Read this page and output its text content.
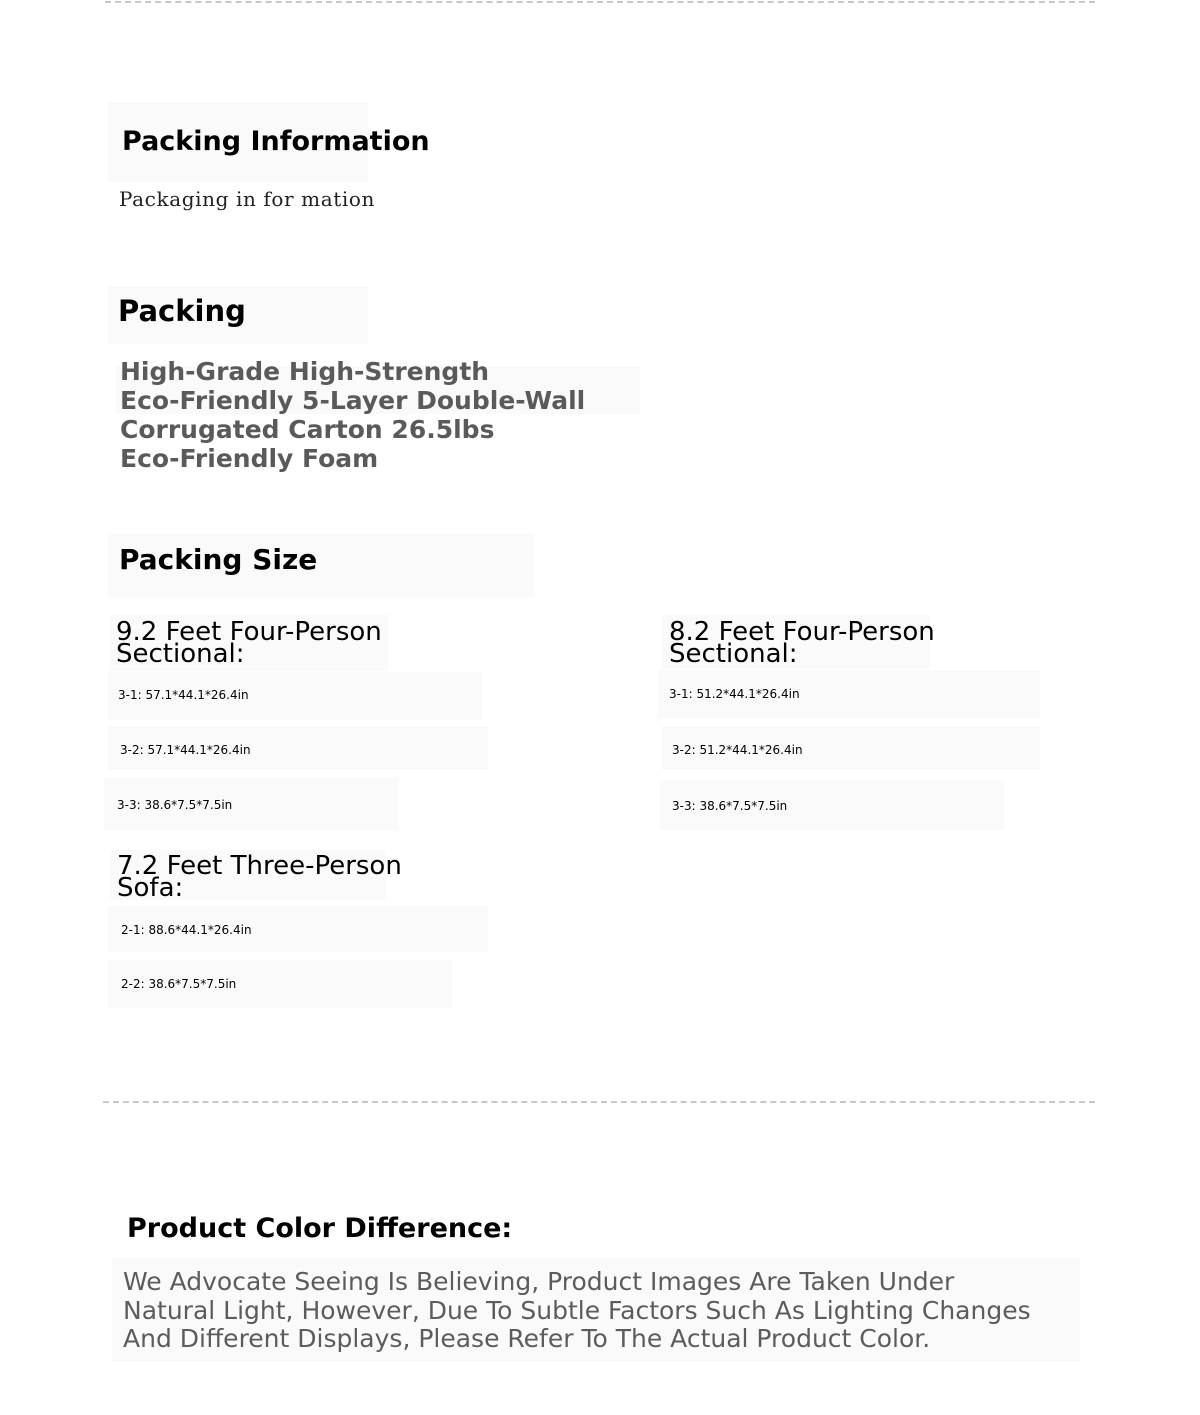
Packing Information
Packaging in for mation
Packing
High-Grade High-Strength
Eco-Friendly 5-Layer Double-Wall
Corrugated Carton 26.5lbs
Eco-Friendly Foam
Packing Size
9.2 Feet Four-Person
Sectional:
3-1: 57.1*44.1*26.4in
3-2: 57.1*44.1*26.4in
3-3: 38.6*7.5*7.5in
8.2 Feet Four-Person
Sectional:
3-1: 51.2*44.1*26.4in
3-2: 51.2*44.1*26.4in
3-3: 38.6*7.5*7.5in
7.2 Feet Three-Person
Sofa:
2-1: 88.6*44.1*26.4in
2-2: 38.6*7.5*7.5in
Product Color Difference:
We Advocate Seeing Is Believing, Product Images Are Taken Under
Natural Light, However, Due To Subtle Factors Such As Lighting Changes
And Different Displays, Please Refer To The Actual Product Color.
